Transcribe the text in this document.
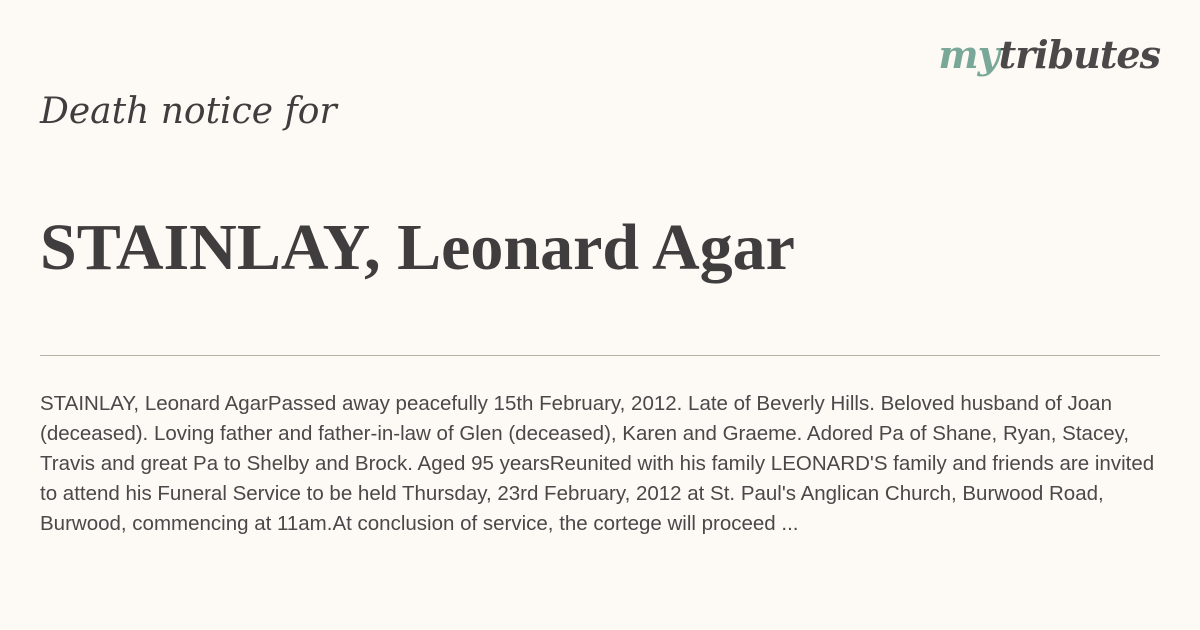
mytributes
Death notice for
STAINLAY, Leonard Agar
STAINLAY, Leonard AgarPassed away peacefully 15th February, 2012. Late of Beverly Hills. Beloved husband of Joan (deceased). Loving father and father-in-law of Glen (deceased), Karen and Graeme. Adored Pa of Shane, Ryan, Stacey, Travis and great Pa to Shelby and Brock. Aged 95 yearsReunited with his family LEONARD'S family and friends are invited to attend his Funeral Service to be held Thursday, 23rd February, 2012 at St. Paul's Anglican Church, Burwood Road, Burwood, commencing at 11am.At conclusion of service, the cortege will proceed ...
